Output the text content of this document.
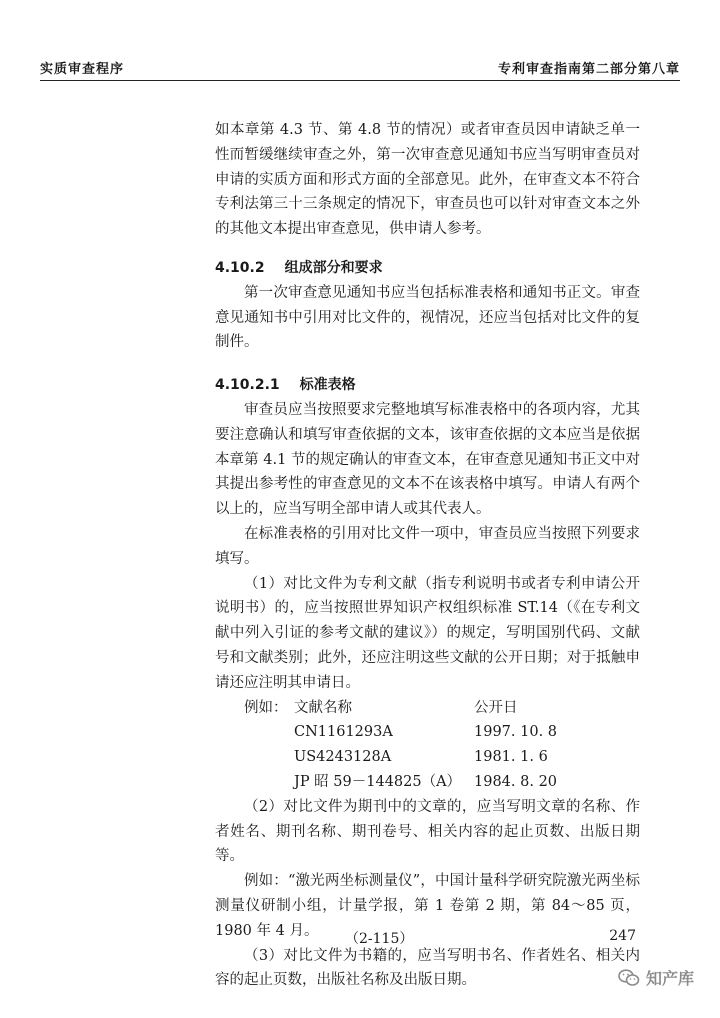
实质审查程序	专利审查指南第二部分第八章

如本章第 4.3 节、第 4.8 节的情况）或者审查员因申请缺乏单一性而暂缓继续审查之外，第一次审查意见通知书应当写明审查员对申请的实质方面和形式方面的全部意见。此外，在审查文本不符合专利法第三十三条规定的情况下，审查员也可以针对审查文本之外的其他文本提出审查意见，供申请人参考。

4.10.2 组成部分和要求

第一次审查意见通知书应当包括标准表格和通知书正文。审查意见通知书中引用对比文件的，视情况，还应当包括对比文件的复制件。

4.10.2.1 标准表格

审查员应当按照要求完整地填写标准表格中的各项内容，尤其要注意确认和填写审查依据的文本，该审查依据的文本应当是依据本章第 4.1 节的规定确认的审查文本，在审查意见通知书正文中对其提出参考性的审查意见的文本不在该表格中填写。申请人有两个以上的，应当写明全部申请人或其代表人。

在标准表格的引用对比文件一项中，审查员应当按照下列要求填写。

（1）对比文件为专利文献（指专利说明书或者专利申请公开说明书）的，应当按照世界知识产权组织标准 ST.14（《在专利文献中列入引证的参考文献的建议》）的规定，写明国别代码、文献号和文献类别；此外，还应注明这些文献的公开日期；对于抵触申请还应注明其申请日。

例如： 文献名称	公开日
CN1161293A	1997. 10. 8
US4243128A	1981. 1. 6
JP 昭 59－144825（A） 1984. 8. 20

（2）对比文件为期刊中的文章的，应当写明文章的名称、作者姓名、期刊名称、期刊卷号、相关内容的起止页数、出版日期等。

例如：“激光两坐标测量仪”，中国计量科学研究院激光两坐标测量仪研制小组，计量学报，第 1 卷第 2 期，第 84～85 页，1980 年 4 月。

（3）对比文件为书籍的，应当写明书名、作者姓名、相关内容的起止页数，出版社名称及出版日期。

（2-115）	247
知产库
